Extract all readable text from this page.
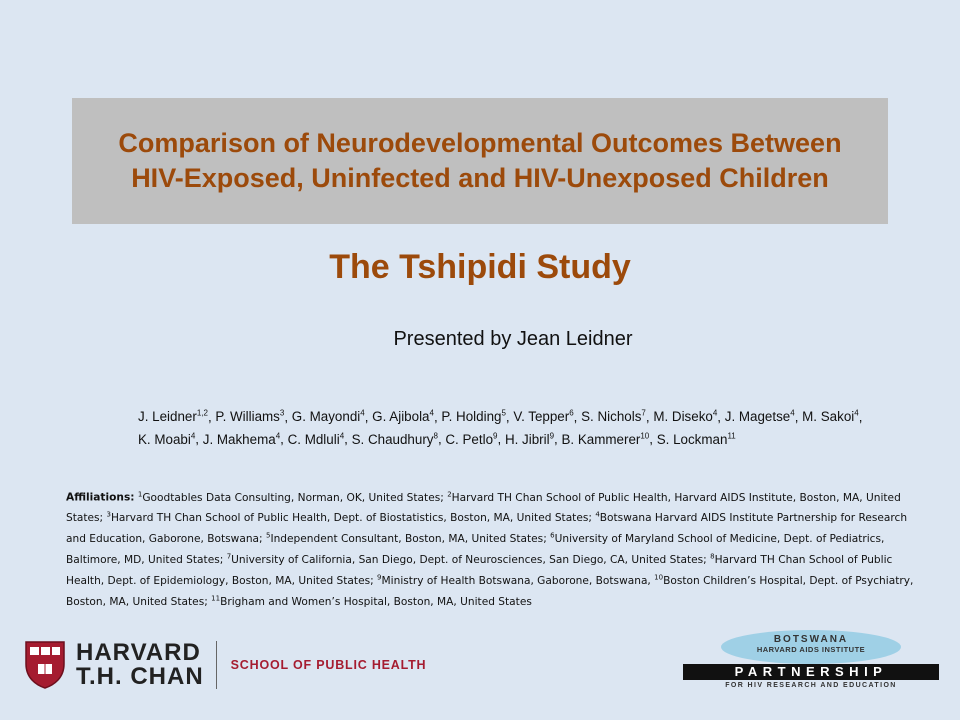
Comparison of Neurodevelopmental Outcomes Between HIV-Exposed, Uninfected and HIV-Unexposed Children
The Tshipidi Study

Presented by Jean Leidner

J. Leidner$^{1,2}$, P. Williams$^3$, G. Mayondi$^4$, G. Ajibola$^4$, P. Holding$^5$, V. Tepper$^6$, S. Nichols$^7$, M. Diseko$^4$, J. Magetse$^4$, M. Sakoi$^4$, K. Moabi$^4$, J. Makhema$^4$, C. Mdluli$^4$, S. Chaudhury$^8$, C. Petlo$^9$, H. Jibril$^9$, B. Kammerer$^{10}$, S. Lockman$^{11}$
Affiliations: $^1$Goodtables Data Consulting, Norman, OK, United States; $^2$Harvard TH Chan School of Public Health, Harvard AIDS Institute, Boston, MA, United States; $^3$Harvard TH Chan School of Public Health, Dept. of Biostatistics, Boston, MA, United States; $^4$Botswana Harvard AIDS Institute Partnership for Research and Education, Gaborone, Botswana; $^5$Independent Consultant, Boston, MA, United States; $^6$University of Maryland School of Medicine, Dept. of Pediatrics, Baltimore, MD, United States; $^7$University of California, San Diego, Dept. of Neurosciences, San Diego, CA, United States; $^8$Harvard TH Chan School of Public Health, Dept. of Epidemiology, Boston, MA, United States; $^9$Ministry of Health Botswana, Gaborone, Botswana, $^{10}$Boston Children’s Hospital, Dept. of Psychiatry, Boston, MA, United States; $^{11}$Brigham and Women’s Hospital, Boston, MA, United States
HARVARD
T.H. CHAN SCHOOL OF PUBLIC HEALTH
BOTSWANA
HARVARD AIDS INSTITUTE
PARTNERSHIP
FOR HIV RESEARCH AND EDUCATION
